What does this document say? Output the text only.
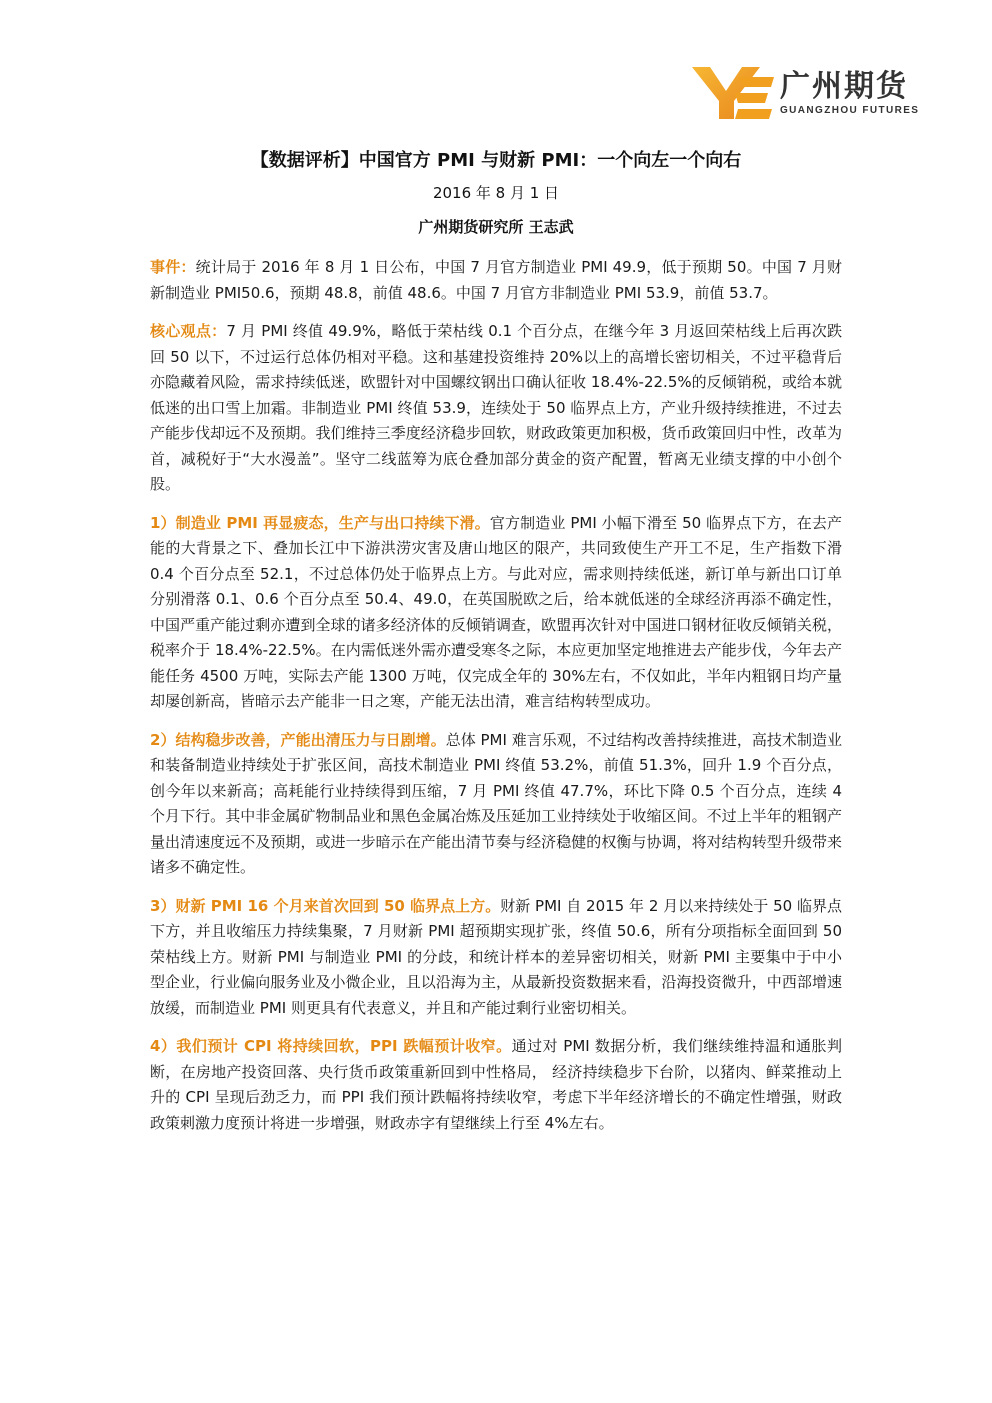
广州期货
GUANGZHOU FUTURES
【数据评析】中国官方 PMI 与财新 PMI：一个向左一个向右
2016 年 8 月 1 日
广州期货研究所 王志武

事件：统计局于 2016 年 8 月 1 日公布，中国 7 月官方制造业 PMI 49.9，低于预期 50。中国 7 月财新制造业 PMI50.6，预期 48.8，前值 48.6。中国 7 月官方非制造业 PMI 53.9，前值 53.7。

核心观点：7 月 PMI 终值 49.9%，略低于荣枯线 0.1 个百分点，在继今年 3 月返回荣枯线上后再次跌回 50 以下，不过运行总体仍相对平稳。这和基建投资维持 20%以上的高增长密切相关，不过平稳背后亦隐藏着风险，需求持续低迷，欧盟针对中国螺纹钢出口确认征收 18.4%-22.5%的反倾销税，或给本就低迷的出口雪上加霜。非制造业 PMI 终值 53.9，连续处于 50 临界点上方，产业升级持续推进，不过去产能步伐却远不及预期。我们维持三季度经济稳步回软，财政政策更加积极，货币政策回归中性，改革为首，减税好于“大水漫盖”。坚守二线蓝筹为底仓叠加部分黄金的资产配置，暂离无业绩支撑的中小创个股。

1）制造业 PMI 再显疲态，生产与出口持续下滑。官方制造业 PMI 小幅下滑至 50 临界点下方，在去产能的大背景之下、叠加长江中下游洪涝灾害及唐山地区的限产，共同致使生产开工不足，生产指数下滑 0.4 个百分点至 52.1，不过总体仍处于临界点上方。与此对应，需求则持续低迷，新订单与新出口订单分别滑落 0.1、0.6 个百分点至 50.4、49.0，在英国脱欧之后，给本就低迷的全球经济再添不确定性，中国严重产能过剩亦遭到全球的诸多经济体的反倾销调查，欧盟再次针对中国进口钢材征收反倾销关税，税率介于 18.4%-22.5%。在内需低迷外需亦遭受寒冬之际，本应更加坚定地推进去产能步伐，今年去产能任务 4500 万吨，实际去产能 1300 万吨，仅完成全年的 30%左右，不仅如此，半年内粗钢日均产量却屡创新高，皆暗示去产能非一日之寒，产能无法出清，难言结构转型成功。

2）结构稳步改善，产能出清压力与日剧增。总体 PMI 难言乐观，不过结构改善持续推进，高技术制造业和装备制造业持续处于扩张区间，高技术制造业 PMI 终值 53.2%，前值 51.3%，回升 1.9 个百分点，创今年以来新高；高耗能行业持续得到压缩，7 月 PMI 终值 47.7%，环比下降 0.5 个百分点，连续 4 个月下行。其中非金属矿物制品业和黑色金属冶炼及压延加工业持续处于收缩区间。不过上半年的粗钢产量出清速度远不及预期，或进一步暗示在产能出清节奏与经济稳健的权衡与协调，将对结构转型升级带来诸多不确定性。

3）财新 PMI 16 个月来首次回到 50 临界点上方。财新 PMI 自 2015 年 2 月以来持续处于 50 临界点下方，并且收缩压力持续集聚，7 月财新 PMI 超预期实现扩张，终值 50.6，所有分项指标全面回到 50 荣枯线上方。财新 PMI 与制造业 PMI 的分歧，和统计样本的差异密切相关，财新 PMI 主要集中于中小型企业，行业偏向服务业及小微企业，且以沿海为主，从最新投资数据来看，沿海投资微升，中西部增速放缓，而制造业 PMI 则更具有代表意义，并且和产能过剩行业密切相关。

4）我们预计 CPI 将持续回软，PPI 跌幅预计收窄。通过对 PMI 数据分析，我们继续维持温和通胀判断，在房地产投资回落、央行货币政策重新回到中性格局， 经济持续稳步下台阶，以猪肉、鲜菜推动上升的 CPI 呈现后劲乏力，而 PPI 我们预计跌幅将持续收窄，考虑下半年经济增长的不确定性增强，财政政策刺激力度预计将进一步增强，财政赤字有望继续上行至 4%左右。
